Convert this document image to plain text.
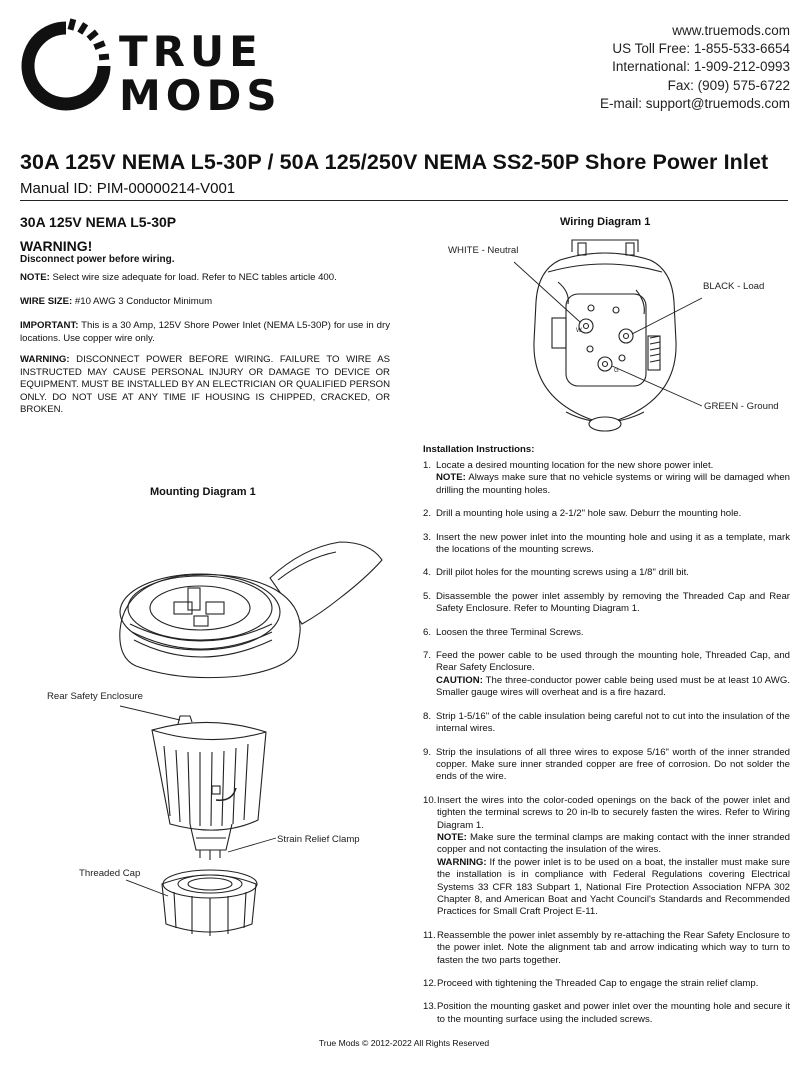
TRUE
MODS
www.truemods.com
US Toll Free: 1-855-533-6654
International: 1-909-212-0993
Fax: (909) 575-6722
E-mail: support@truemods.com
30A 125V NEMA L5-30P / 50A 125/250V NEMA SS2-50P Shore Power Inlet
Manual ID: PIM-00000214-V001
30A 125V NEMA L5-30P
WARNING!
Disconnect power before wiring.
NOTE: Select wire size adequate for load. Refer to NEC tables article 400.
WIRE SIZE: #10 AWG 3 Conductor Minimum
IMPORTANT: This is a 30 Amp, 125V Shore Power Inlet (NEMA L5-30P) for use in dry locations. Use copper wire only.
WARNING: DISCONNECT POWER BEFORE WIRING. FAILURE TO WIRE AS INSTRUCTED MAY CAUSE PERSONAL INJURY OR DAMAGE TO DEVICE OR EQUIPMENT. MUST BE INSTALLED BY AN ELECTRICIAN OR QUALIFIED PERSON ONLY. DO NOT USE AT ANY TIME IF HOUSING IS CHIPPED, CRACKED, OR BROKEN.
Wiring Diagram 1
W
G
WHITE - Neutral
BLACK - Load
GREEN - Ground
Mounting Diagram 1
Rear Safety Enclosure
Strain Relief Clamp
Threaded Cap
Installation Instructions:
1. Locate a desired mounting location for the new shore power inlet.
NOTE: Always make sure that no vehicle systems or wiring will be damaged when drilling the mounting holes.
2. Drill a mounting hole using a 2-1/2" hole saw. Deburr the mounting hole.
3. Insert the new power inlet into the mounting hole and using it as a template, mark the locations of the mounting screws.
4. Drill pilot holes for the mounting screws using a 1/8" drill bit.
5. Disassemble the power inlet assembly by removing the Threaded Cap and Rear Safety Enclosure. Refer to Mounting Diagram 1.
6. Loosen the three Terminal Screws.
7. Feed the power cable to be used through the mounting hole, Threaded Cap, and Rear Safety Enclosure.
CAUTION: The three-conductor power cable being used must be at least 10 AWG. Smaller gauge wires will overheat and is a fire hazard.
8. Strip 1-5/16" of the cable insulation being careful not to cut into the insulation of the internal wires.
9. Strip the insulations of all three wires to expose 5/16" worth of the inner stranded copper. Make sure inner stranded copper are free of corrosion. Do not solder the ends of the wire.
10. Insert the wires into the color-coded openings on the back of the power inlet and tighten the terminal screws to 20 in-lb to securely fasten the wires. Refer to Wiring Diagram 1.
NOTE: Make sure the terminal clamps are making contact with the inner stranded copper and not contacting the insulation of the wires.
WARNING: If the power inlet is to be used on a boat, the installer must make sure the installation is in compliance with Federal Regulations covering Electrical Systems 33 CFR 183 Subpart 1, National Fire Protection Association NFPA 302 Chapter 8, and American Boat and Yacht Council's Standards and Recommended Practices for Small Craft Project E-11.
11. Reassemble the power inlet assembly by re-attaching the Rear Safety Enclosure to the power inlet. Note the alignment tab and arrow indicating which way to turn to fasten the two parts together.
12. Proceed with tightening the Threaded Cap to engage the strain relief clamp.
13. Position the mounting gasket and power inlet over the mounting hole and secure it to the mounting surface using the included screws.
True Mods © 2012-2022 All Rights Reserved
